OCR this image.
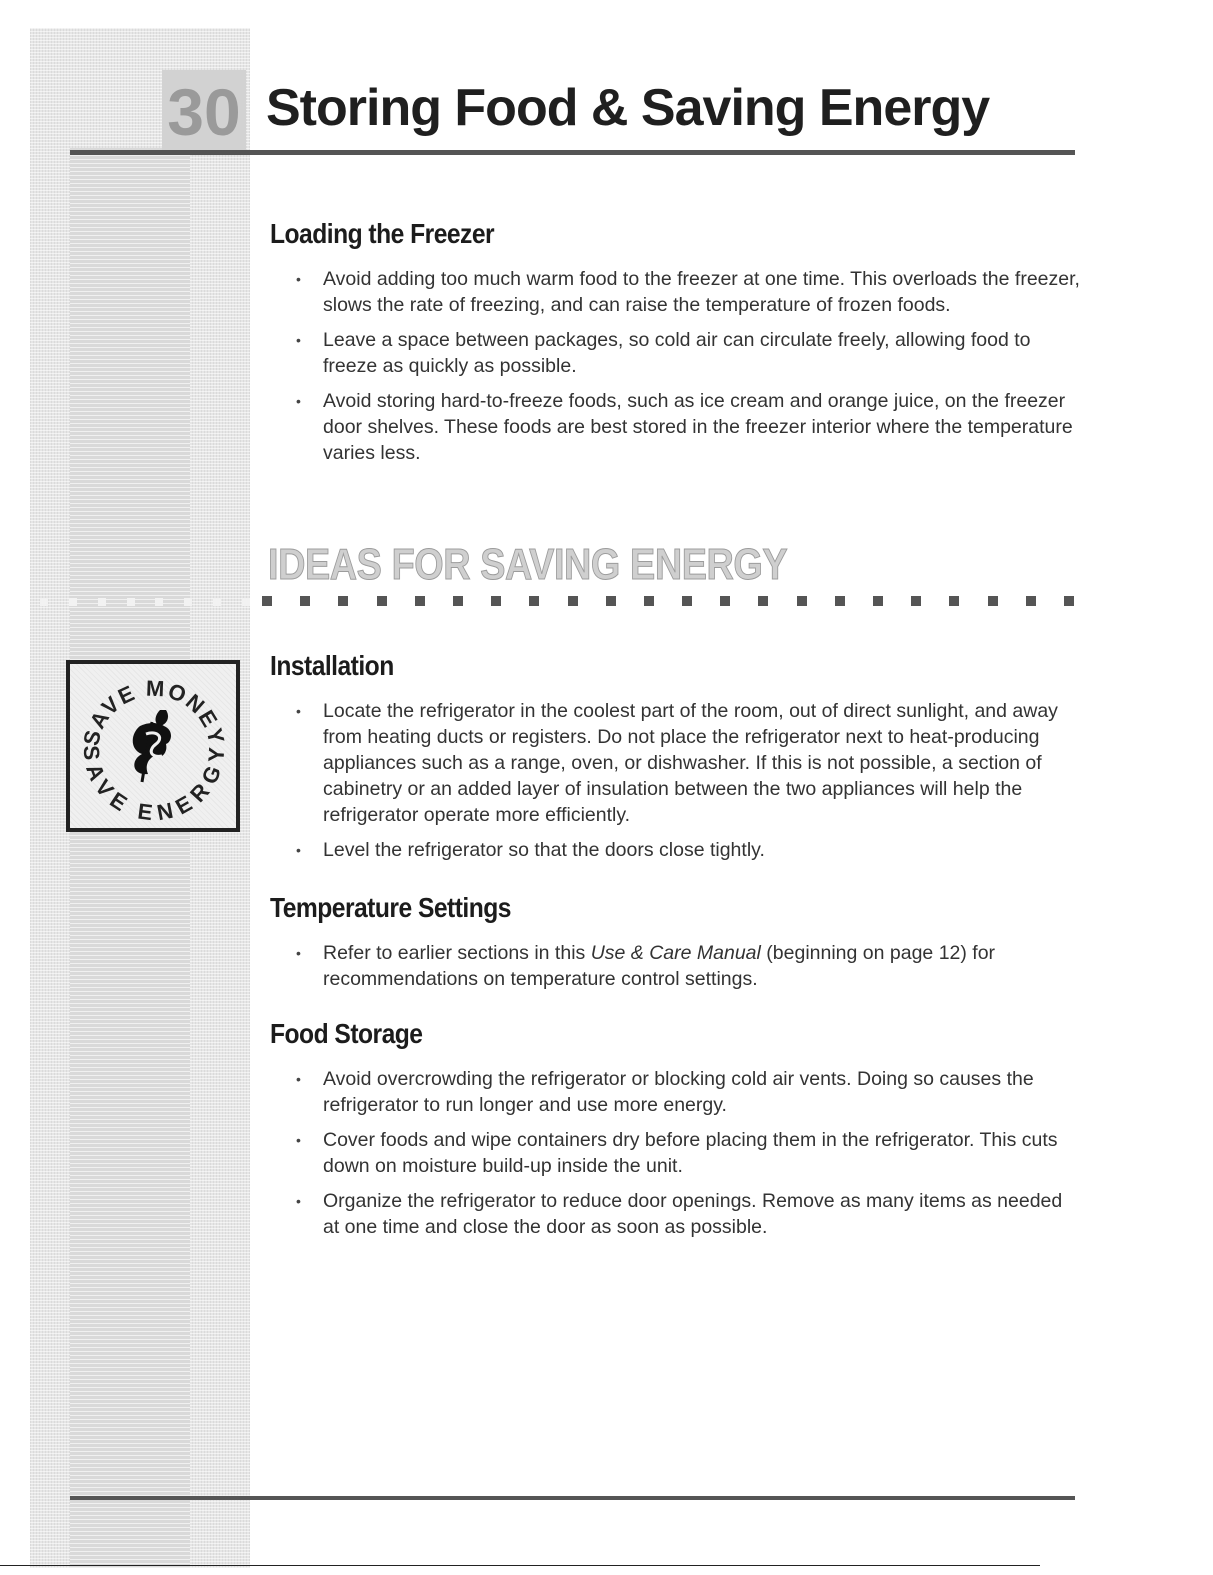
30 Storing Food & Saving Energy
Loading the Freezer
• Avoid adding too much warm food to the freezer at one time. This overloads the freezer, slows the rate of freezing, and can raise the temperature of frozen foods.
• Leave a space between packages, so cold air can circulate freely, allowing food to freeze as quickly as possible.
• Avoid storing hard-to-freeze foods, such as ice cream and orange juice, on the freezer door shelves. These foods are best stored in the freezer interior where the temperature varies less.
IDEAS FOR SAVING ENERGY
SAVE MONEY
SAVE ENERGY
Installation
• Locate the refrigerator in the coolest part of the room, out of direct sunlight, and away from heating ducts or registers. Do not place the refrigerator next to heat-producing appliances such as a range, oven, or dishwasher. If this is not possible, a section of cabinetry or an added layer of insulation between the two appliances will help the refrigerator operate more efficiently.
• Level the refrigerator so that the doors close tightly.
Temperature Settings
• Refer to earlier sections in this Use & Care Manual (beginning on page 12) for recommendations on temperature control settings.
Food Storage
• Avoid overcrowding the refrigerator or blocking cold air vents. Doing so causes the refrigerator to run longer and use more energy.
• Cover foods and wipe containers dry before placing them in the refrigerator. This cuts down on moisture build-up inside the unit.
• Organize the refrigerator to reduce door openings. Remove as many items as needed at one time and close the door as soon as possible.
